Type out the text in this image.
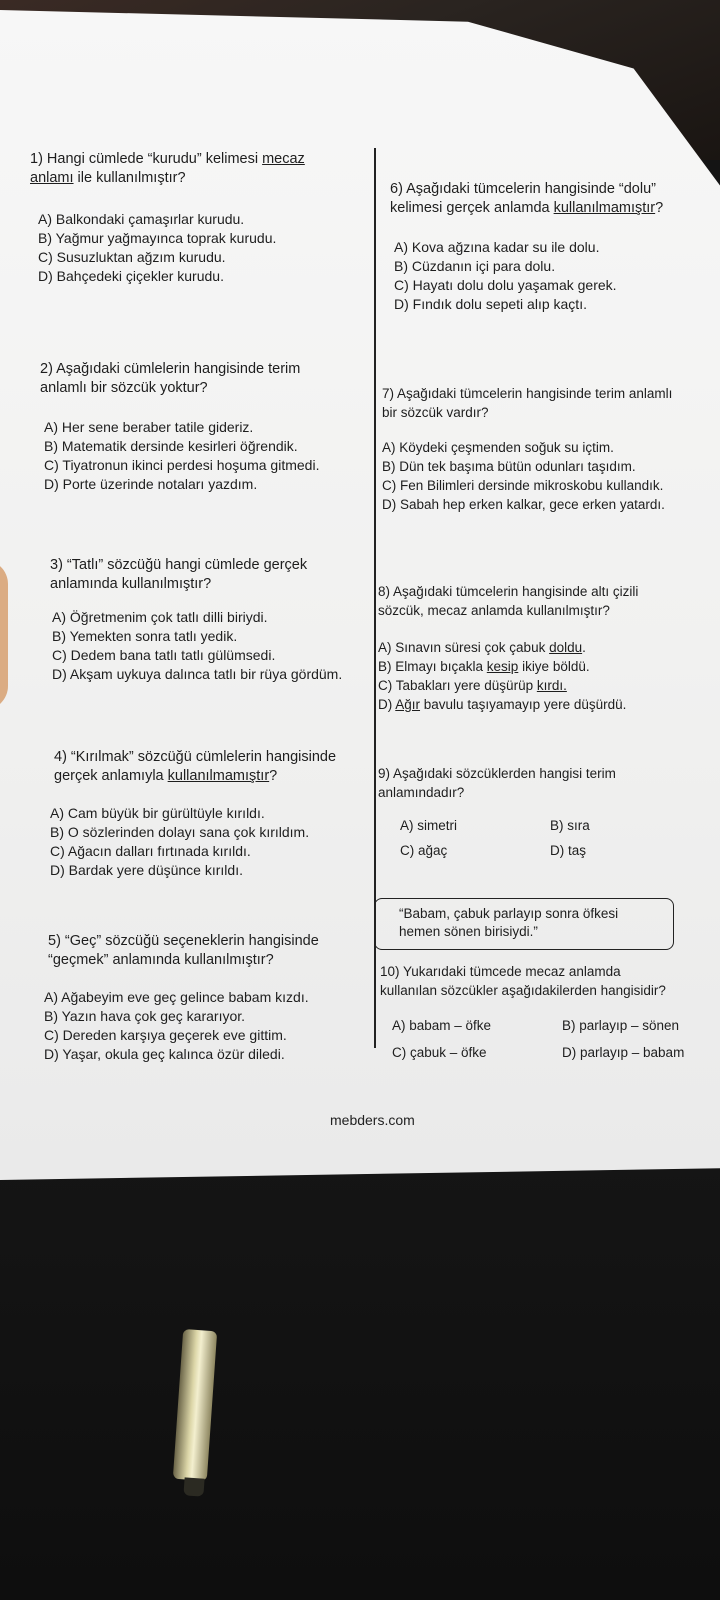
1) Hangi cümlede “kurudu” kelimesi mecaz

anlamı ile kullanılmıştır?

A) Balkondaki çamaşırlar kurudu.

B) Yağmur yağmayınca toprak kurudu.

C) Susuzluktan ağzım kurudu.

D) Bahçedeki çiçekler kurudu.

2) Aşağıdaki cümlelerin hangisinde terim

anlamlı bir sözcük yoktur?

A) Her sene beraber tatile gideriz.

B) Matematik dersinde kesirleri öğrendik.

C) Tiyatronun ikinci perdesi hoşuma gitmedi.

D) Porte üzerinde notaları yazdım.

3) “Tatlı” sözcüğü hangi cümlede gerçek

anlamında kullanılmıştır?

A) Öğretmenim çok tatlı dilli biriydi.

B) Yemekten sonra tatlı yedik.

C) Dedem bana tatlı tatlı gülümsedi.

D) Akşam uykuya dalınca tatlı bir rüya gördüm.

4) “Kırılmak” sözcüğü cümlelerin hangisinde

gerçek anlamıyla kullanılmamıştır?

A) Cam büyük bir gürültüyle kırıldı.

B) O sözlerinden dolayı sana çok kırıldım.

C) Ağacın dalları fırtınada kırıldı.

D) Bardak yere düşünce kırıldı.

5) “Geç” sözcüğü seçeneklerin hangisinde

“geçmek” anlamında kullanılmıştır?

A) Ağabeyim eve geç gelince babam kızdı.

B) Yazın hava çok geç kararıyor.

C) Dereden karşıya geçerek eve gittim.

D) Yaşar, okula geç kalınca özür diledi.

6) Aşağıdaki tümcelerin hangisinde “dolu”

kelimesi gerçek anlamda kullanılmamıştır?

A) Kova ağzına kadar su ile dolu.

B) Cüzdanın içi para dolu.

C) Hayatı dolu dolu yaşamak gerek.

D) Fındık dolu sepeti alıp kaçtı.

7) Aşağıdaki tümcelerin hangisinde terim anlamlı

bir sözcük vardır?

A) Köydeki çeşmenden soğuk su içtim.

B) Dün tek başıma bütün odunları taşıdım.

C) Fen Bilimleri dersinde mikroskobu kullandık.

D) Sabah hep erken kalkar, gece erken yatardı.

8) Aşağıdaki tümcelerin hangisinde altı çizili

sözcük, mecaz anlamda kullanılmıştır?

A) Sınavın süresi çok çabuk doldu.

B) Elmayı bıçakla kesip ikiye böldü.

C) Tabakları yere düşürüp kırdı.

D) Ağır bavulu taşıyamayıp yere düşürdü.

9) Aşağıdaki sözcüklerden hangisi terim

anlamındadır?

A) simetri	B) sıra

C) ağaç	D) taş

“Babam, çabuk parlayıp sonra öfkesi

hemen sönen birisiydi.”

10) Yukarıdaki tümcede mecaz anlamda

kullanılan sözcükler aşağıdakilerden hangisidir?

A) babam – öfke	B) parlayıp – sönen

C) çabuk – öfke	D) parlayıp – babam

mebders.com
